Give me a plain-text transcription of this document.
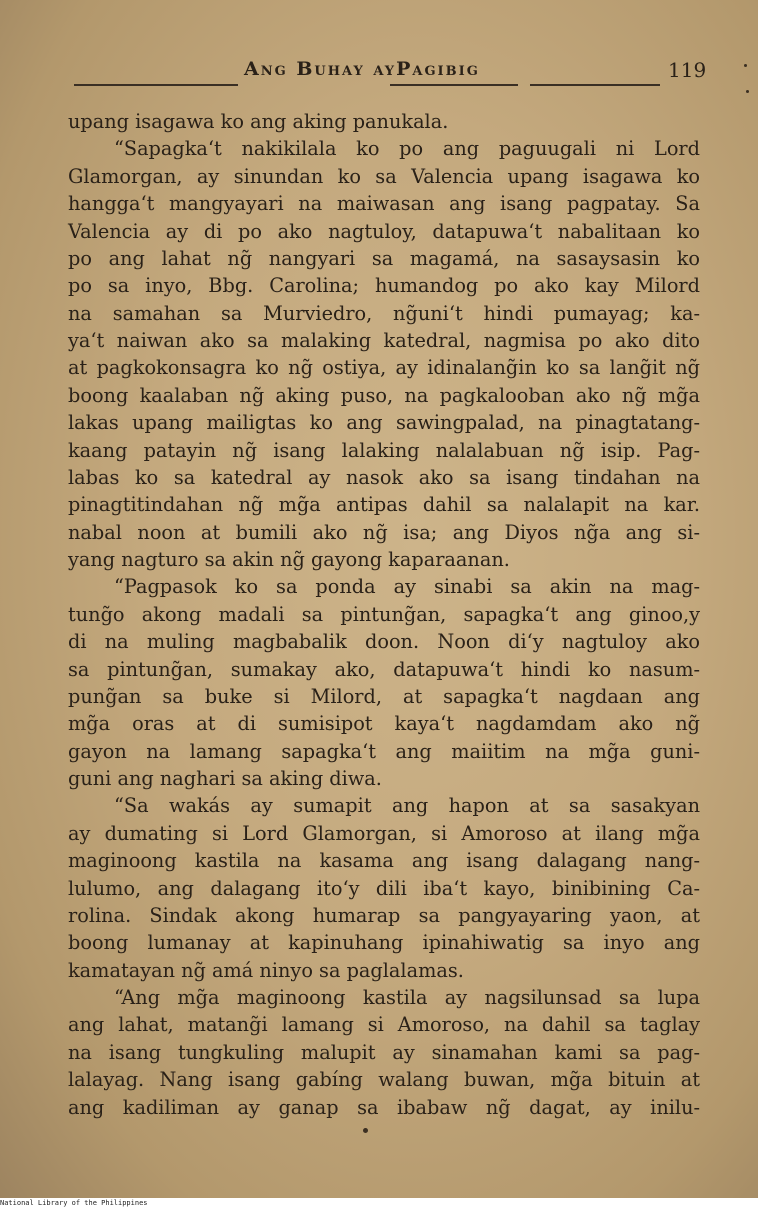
Ang Buhay ayPagibig	119
upang isagawa ko ang aking panukala.
“Sapagka‘t nakikilala ko po ang paguugali ni Lord
Glamorgan, ay sinundan ko sa Valencia upang isagawa ko
hangga‘t mangyayari na maiwasan ang isang pagpatay. Sa
Valencia ay di po ako nagtuloy, datapuwa‘t nabalitaan ko
po ang lahat ng̃ nangyari sa magamá, na sasaysasin ko
po sa inyo, Bbg. Carolina; humandog po ako kay Milord
na samahan sa Murviedro, ng̃uni‘t hindi pumayag; ka-
ya‘t naiwan ako sa malaking katedral, nagmisa po ako dito
at pagkokonsagra ko ng̃ ostiya, ay idinalang̃in ko sa lang̃it ng̃
boong kaalaban ng̃ aking puso, na pagkalooban ako ng̃ mg̃a
lakas upang mailigtas ko ang sawingpalad, na pinagtatang-
kaang patayin ng̃ isang lalaking nalalabuan ng̃ isip. Pag-
labas ko sa katedral ay nasok ako sa isang tindahan na
pinagtitindahan ng̃ mg̃a antipas dahil sa nalalapit na kar.
nabal noon at bumili ako ng̃ isa; ang Diyos ng̃a ang si-
yang nagturo sa akin ng̃ gayong kaparaanan.
“Pagpasok ko sa ponda ay sinabi sa akin na mag-
tung̃o akong madali sa pintung̃an, sapagka‘t ang ginoo,y
di na muling magbabalik doon. Noon di‘y nagtuloy ako
sa pintung̃an, sumakay ako, datapuwa‘t hindi ko nasum-
pung̃an sa buke si Milord, at sapagka‘t nagdaan ang
mg̃a oras at di sumisipot kaya‘t nagdamdam ako ng̃
gayon na lamang sapagka‘t ang maiitim na mg̃a guni-
guni ang naghari sa aking diwa.
“Sa wakás ay sumapit ang hapon at sa sasakyan
ay dumating si Lord Glamorgan, si Amoroso at ilang mg̃a
maginoong kastila na kasama ang isang dalagang nang-
lulumo, ang dalagang ito‘y dili iba‘t kayo, binibining Ca-
rolina. Sindak akong humarap sa pangyayaring yaon, at
boong lumanay at kapinuhang ipinahiwatig sa inyo ang
kamatayan ng̃ amá ninyo sa paglalamas.
“Ang mg̃a maginoong kastila ay nagsilunsad sa lupa
ang lahat, matang̃i lamang si Amoroso, na dahil sa taglay
na isang tungkuling malupit ay sinamahan kami sa pag-
lalayag. Nang isang gabíng walang buwan, mg̃a bituin at
ang kadiliman ay ganap sa ibabaw ng̃ dagat, ay inilu-
National Library of the Philippines
